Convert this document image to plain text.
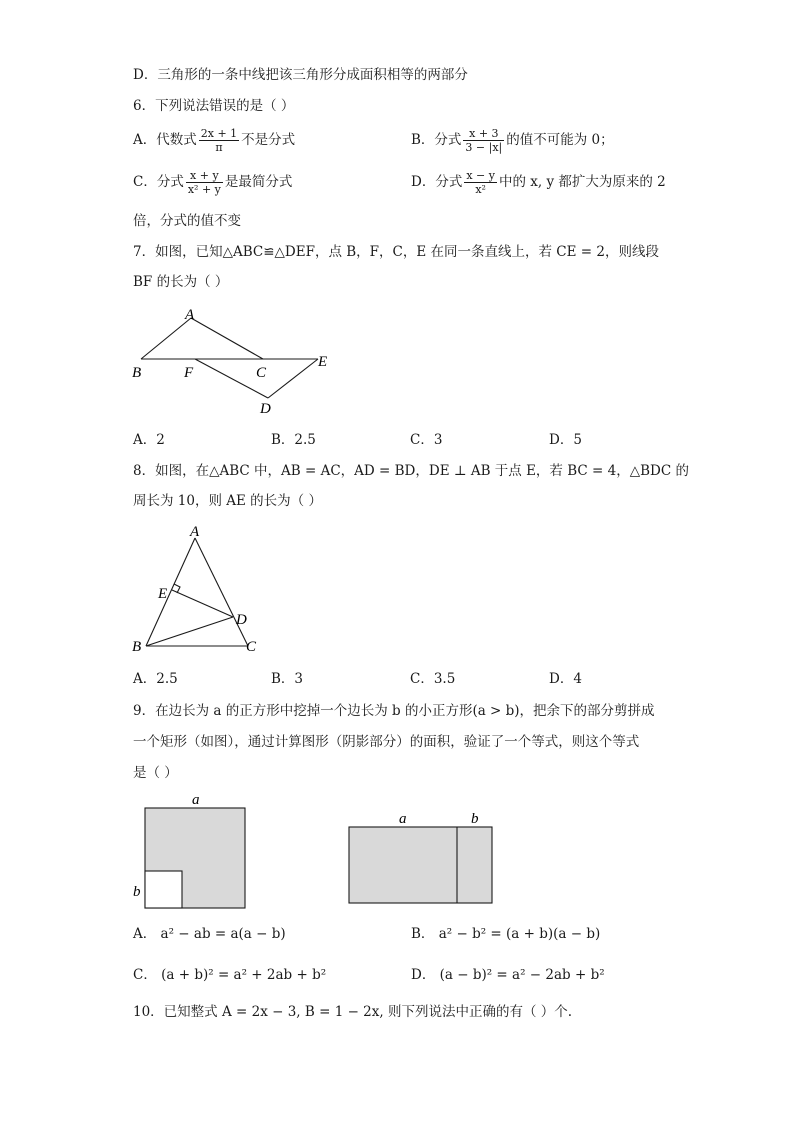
D．三角形的一条中线把该三角形分成面积相等的两部分
6．下列说法错误的是（ ）
A．代数式 $\frac{2x + 1}{\pi}$ 不是分式	B．分式 $\frac{x + 3}{3 - |x|}$ 的值不可能为 0；
C．分式 $\frac{x + y}{\text{x² + y}}$ 是最简分式	D．分式 $\frac{x - y}{\text{x²}}$ 中的 x, y 都扩大为原来的 2
倍，分式的值不变
7．如图，已知△ABC≌△DEF，点 B，F，C，E 在同一条直线上，若 CE = 2，则线段
BF 的长为（ ）
A
B	F	C
E
D
A．2	B．2.5	C．3	D．5
8．如图，在△ABC 中，AB = AC，AD = BD，DE ⊥ AB 于点 E，若 BC = 4，△BDC 的
周长为 10，则 AE 的长为（ ）
A
E
D
B	C
A．2.5	B．3	C．3.5	D．4
9．在边长为 a 的正方形中挖掉一个边长为 b 的小正方形(a > b)，把余下的部分剪拼成
一个矩形（如图），通过计算图形（阴影部分）的面积，验证了一个等式，则这个等式
是（ ）
a
b
a	b
A． a² − ab = a(a − b)	B． a² − b² = (a + b)(a − b)
C． (a + b)² = a² + 2ab + b²	D． (a − b)² = a² − 2ab + b²
10．已知整式 A = 2x − 3, B = 1 − 2x, 则下列说法中正确的有（ ）个.
